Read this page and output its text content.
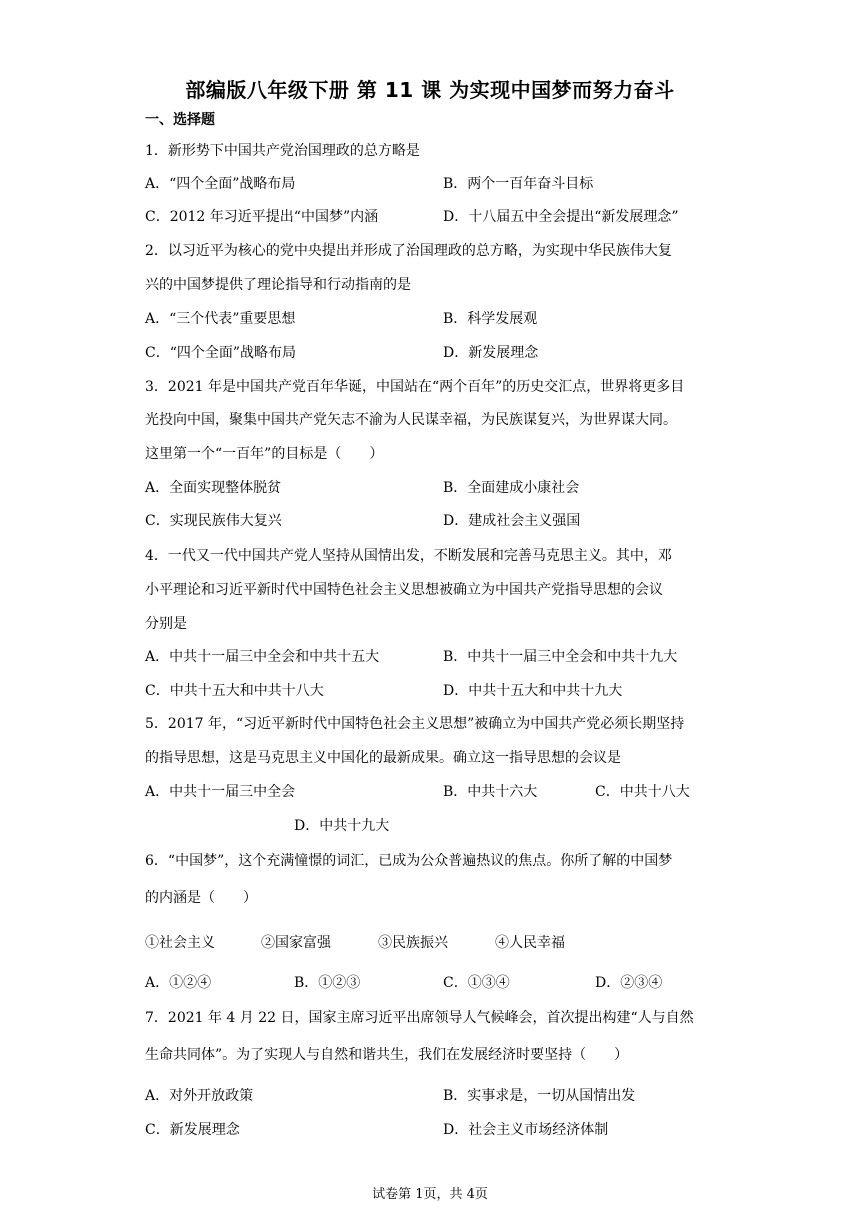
部编版八年级下册 第 11 课 为实现中国梦而努力奋斗
一、选择题
1．新形势下中国共产党治国理政的总方略是
A．“四个全面”战略布局	B．两个一百年奋斗目标
C．2012 年习近平提出“中国梦”内涵	D．十八届五中全会提出“新发展理念”
2．以习近平为核心的党中央提出并形成了治国理政的总方略，为实现中华民族伟大复
兴的中国梦提供了理论指导和行动指南的是
A．“三个代表”重要思想	B．科学发展观
C．“四个全面”战略布局	D．新发展理念
3．2021 年是中国共产党百年华诞，中国站在“两个百年”的历史交汇点，世界将更多目
光投向中国，聚集中国共产党矢志不渝为人民谋幸福，为民族谋复兴，为世界谋大同。
这里第一个“一百年”的目标是（　　）
A．全面实现整体脱贫	B．全面建成小康社会
C．实现民族伟大复兴	D．建成社会主义强国
4．一代又一代中国共产党人坚持从国情出发，不断发展和完善马克思主义。其中，邓
小平理论和习近平新时代中国特色社会主义思想被确立为中国共产党指导思想的会议
分别是
A．中共十一届三中全会和中共十五大	B．中共十一届三中全会和中共十九大
C．中共十五大和中共十八大	D．中共十五大和中共十九大
5．2017 年，“习近平新时代中国特色社会主义思想”被确立为中国共产党必须长期坚持
的指导思想，这是马克思主义中国化的最新成果。确立这一指导思想的会议是
A．中共十一届三中全会	B．中共十六大	C．中共十八大
D．中共十九大
6．“中国梦”，这个充满憧憬的词汇，已成为公众普遍热议的焦点。你所了解的中国梦
的内涵是（　　）
①社会主义	②国家富强	③民族振兴	④人民幸福
A．①②④	B．①②③	C．①③④	D．②③④
7．2021 年 4 月 22 日，国家主席习近平出席领导人气候峰会，首次提出构建“人与自然
生命共同体”。为了实现人与自然和谐共生，我们在发展经济时要坚持（　　）
A．对外开放政策	B．实事求是，一切从国情出发
C．新发展理念	D．社会主义市场经济体制
试卷第 1页，共 4页
